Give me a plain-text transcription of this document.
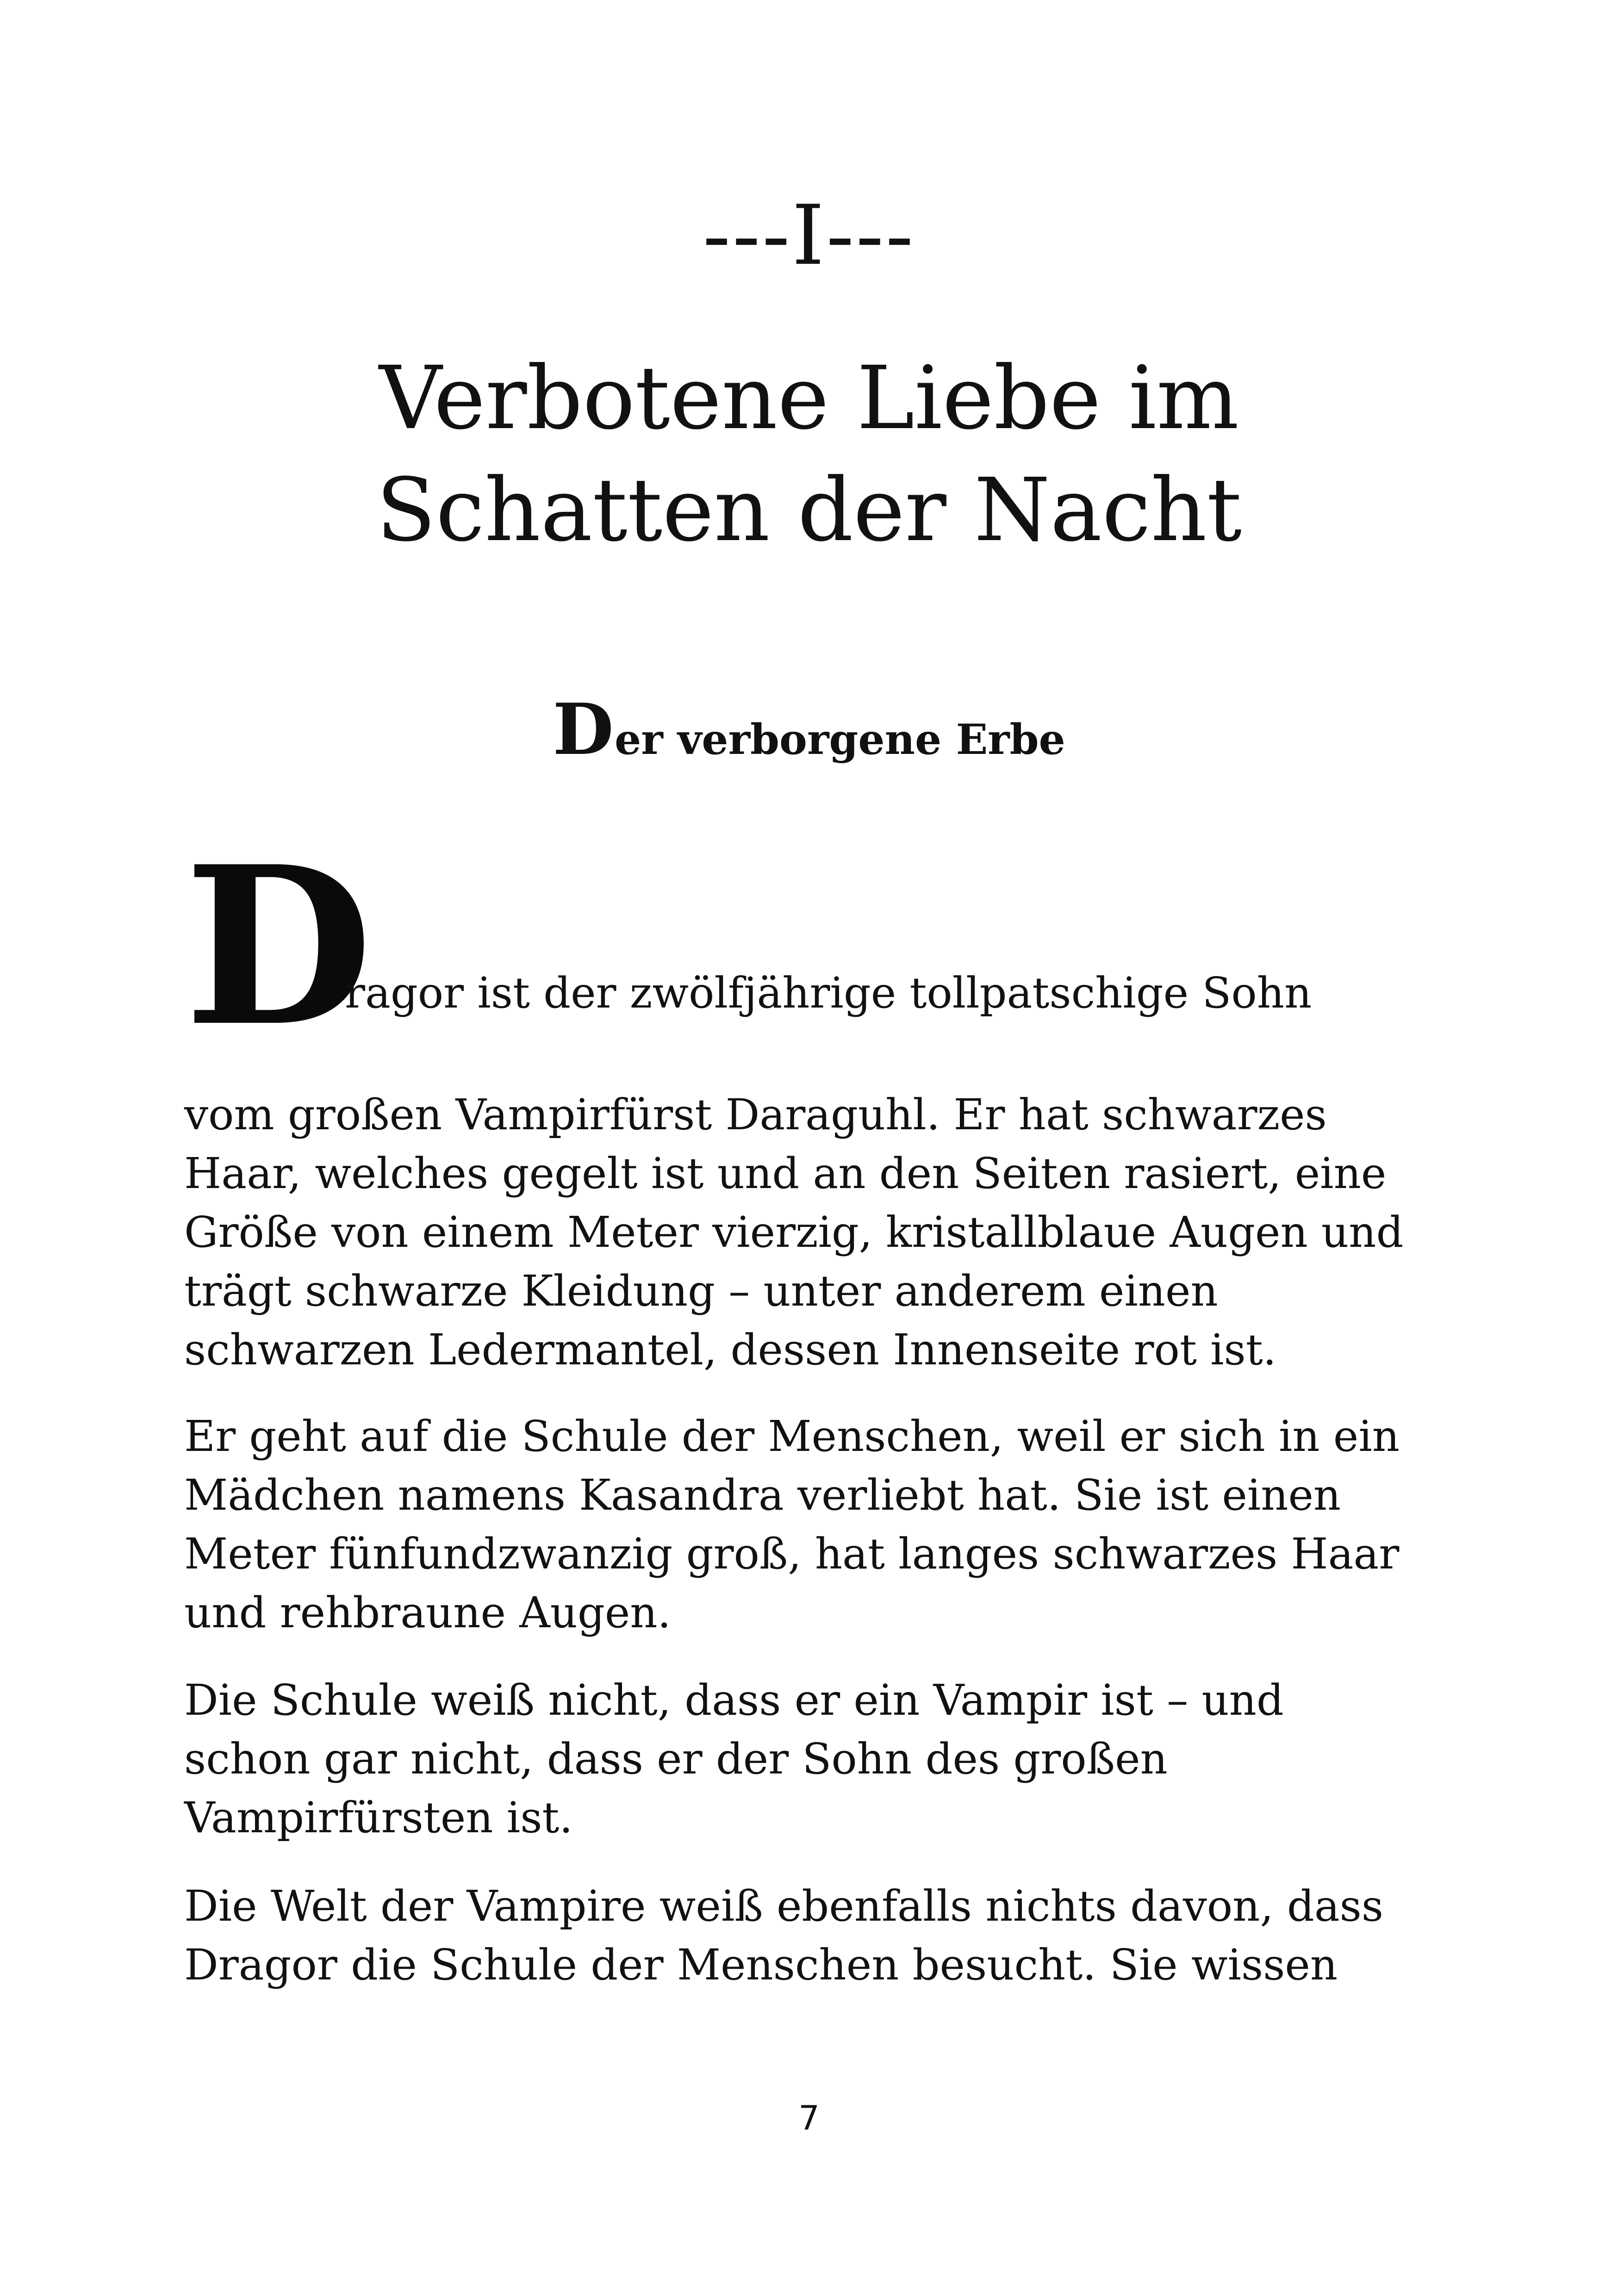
---I---
Verbotene Liebe im
Schatten der Nacht
Der verborgene Erbe
D
ragor ist der zwölfjährige tollpatschige Sohn
vom großen Vampirfürst Daraguhl. Er hat schwarzes
Haar, welches gegelt ist und an den Seiten rasiert, eine
Größe von einem Meter vierzig, kristallblaue Augen und
trägt schwarze Kleidung – unter anderem einen
schwarzen Ledermantel, dessen Innenseite rot ist.
Er geht auf die Schule der Menschen, weil er sich in ein
Mädchen namens Kasandra verliebt hat. Sie ist einen
Meter fünfundzwanzig groß, hat langes schwarzes Haar
und rehbraune Augen.
Die Schule weiß nicht, dass er ein Vampir ist – und
schon gar nicht, dass er der Sohn des großen
Vampirfürsten ist.
Die Welt der Vampire weiß ebenfalls nichts davon, dass
Dragor die Schule der Menschen besucht. Sie wissen
7
